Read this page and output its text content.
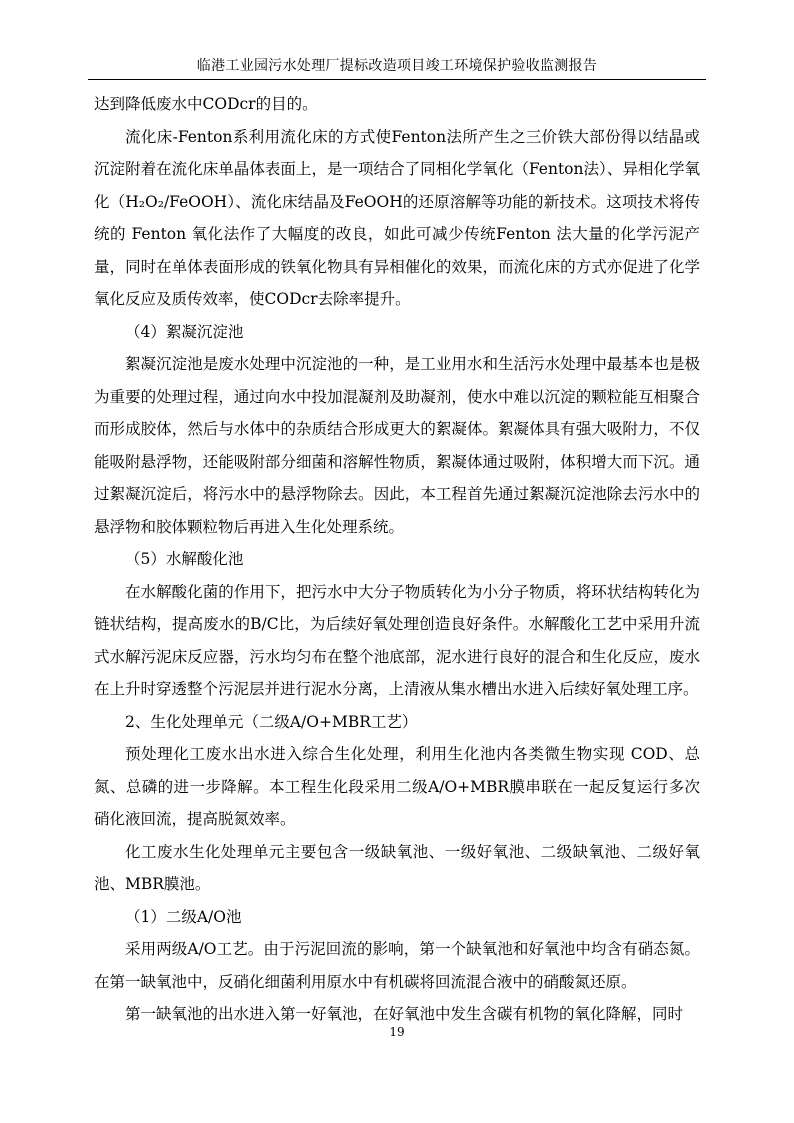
临港工业园污水处理厂提标改造项目竣工环境保护验收监测报告

达到降低废水中CODcr的目的。

流化床-Fenton系利用流化床的方式使Fenton法所产生之三价铁大部份得以结晶或沉淀附着在流化床单晶体表面上，是一项结合了同相化学氧化（Fenton法）、异相化学氧化（H₂O₂/FeOOH）、流化床结晶及FeOOH的还原溶解等功能的新技术。这项技术将传统的 Fenton 氧化法作了大幅度的改良，如此可减少传统Fenton 法大量的化学污泥产量，同时在单体表面形成的铁氧化物具有异相催化的效果，而流化床的方式亦促进了化学氧化反应及质传效率，使CODcr去除率提升。

（4）絮凝沉淀池

絮凝沉淀池是废水处理中沉淀池的一种，是工业用水和生活污水处理中最基本也是极为重要的处理过程，通过向水中投加混凝剂及助凝剂，使水中难以沉淀的颗粒能互相聚合而形成胶体，然后与水体中的杂质结合形成更大的絮凝体。絮凝体具有强大吸附力，不仅能吸附悬浮物，还能吸附部分细菌和溶解性物质，絮凝体通过吸附，体积增大而下沉。通过絮凝沉淀后，将污水中的悬浮物除去。因此，本工程首先通过絮凝沉淀池除去污水中的悬浮物和胶体颗粒物后再进入生化处理系统。

（5）水解酸化池

在水解酸化菌的作用下，把污水中大分子物质转化为小分子物质，将环状结构转化为链状结构，提高废水的B/C比，为后续好氧处理创造良好条件。水解酸化工艺中采用升流式水解污泥床反应器，污水均匀布在整个池底部，泥水进行良好的混合和生化反应，废水在上升时穿透整个污泥层并进行泥水分离，上清液从集水槽出水进入后续好氧处理工序。

2、生化处理单元（二级A/O+MBR工艺）

预处理化工废水出水进入综合生化处理，利用生化池内各类微生物实现 COD、总氮、总磷的进一步降解。本工程生化段采用二级A/O+MBR膜串联在一起反复运行多次硝化液回流，提高脱氮效率。

化工废水生化处理单元主要包含一级缺氧池、一级好氧池、二级缺氧池、二级好氧池、MBR膜池。

（1）二级A/O池

采用两级A/O工艺。由于污泥回流的影响，第一个缺氧池和好氧池中均含有硝态氮。在第一缺氧池中，反硝化细菌利用原水中有机碳将回流混合液中的硝酸氮还原。

第一缺氧池的出水进入第一好氧池，在好氧池中发生含碳有机物的氧化降解，同时

19
